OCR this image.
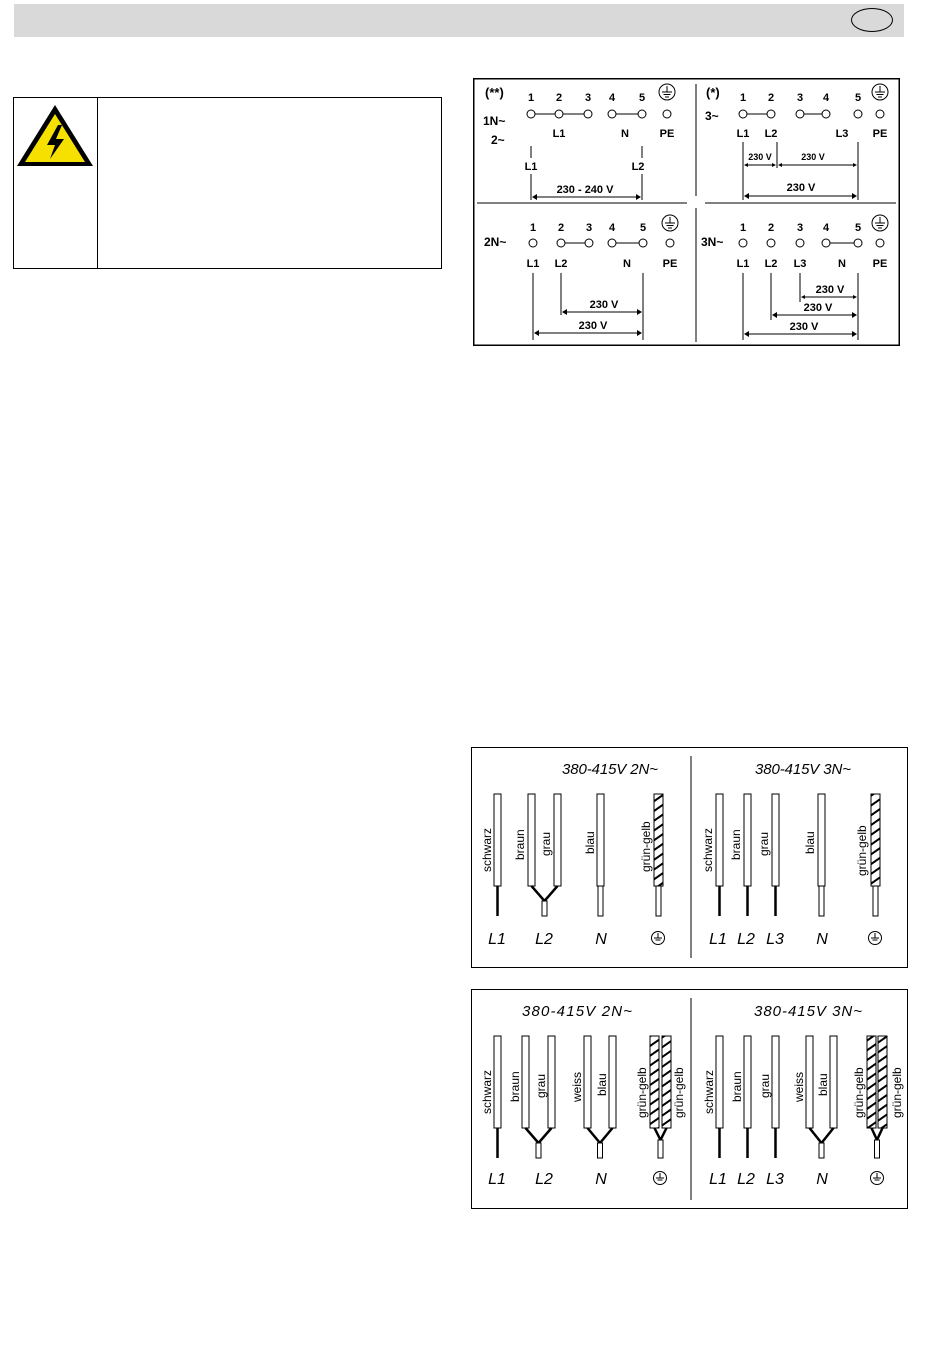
(**) 1 2 3 4 5
1N~
2~	L1	N	PE
L1	L2
230 - 240 V
(*) 1 2 3 4 5
3~
L1 L2	L3 PE
230 V	230 V
230 V
1 2 3 4 5
2N~
L1 L2	N	PE
230 V
230 V
1 2 3 4 5
3N~
L1 L2 L3	N PE
230 V
230 V
230 V
380-415V 2N~	380-415V 3N~
schwarz braun grau	blau	grün-gelb
L1 L2	N
schwarz braun grau	blau	grün-gelb
L1 L2 L3 N
380-415V 2N~	380-415V 3N~
schwarz braun grau weiss blau grün-gelb grün-gelb
L1 L2	N
schwarz braun grau weiss blau grün-gelb grün-gelb
L1 L2 L3 N
